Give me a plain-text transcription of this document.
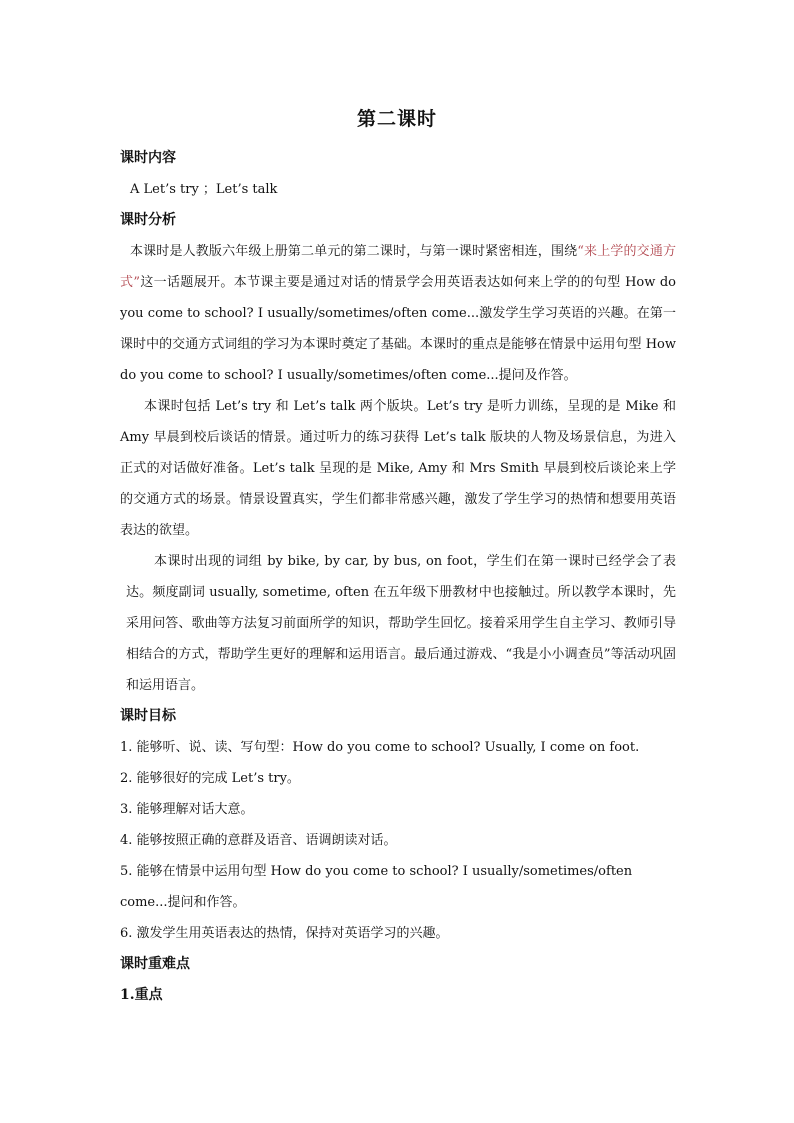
第二课时

课时内容

A Let’s try ；Let’s talk

课时分析

本课时是人教版六年级上册第二单元的第二课时，与第一课时紧密相连，围绕“来上学的交通方式”这一话题展开。本节课主要是通过对话的情景学会用英语表达如何来上学的的句型 How do you come to school? I usually/sometimes/often come...激发学生学习英语的兴趣。在第一课时中的交通方式词组的学习为本课时奠定了基础。本课时的重点是能够在情景中运用句型 How do you come to school? I usually/sometimes/often come...提问及作答。

本课时包括 Let’s try 和 Let’s talk 两个版块。Let’s try 是听力训练，呈现的是 Mike 和 Amy 早晨到校后谈话的情景。通过听力的练习获得 Let’s talk 版块的人物及场景信息，为进入正式的对话做好准备。Let’s talk 呈现的是 Mike, Amy 和 Mrs Smith 早晨到校后谈论来上学的交通方式的场景。情景设置真实，学生们都非常感兴趣，激发了学生学习的热情和想要用英语表达的欲望。

本课时出现的词组 by bike, by car, by bus, on foot，学生们在第一课时已经学会了表达。频度副词 usually, sometime, often 在五年级下册教材中也接触过。所以教学本课时，先采用问答、歌曲等方法复习前面所学的知识，帮助学生回忆。接着采用学生自主学习、教师引导相结合的方式，帮助学生更好的理解和运用语言。最后通过游戏、“我是小小调查员”等活动巩固和运用语言。

课时目标

1. 能够听、说、读、写句型：How do you come to school? Usually, I come on foot.
2. 能够很好的完成 Let’s try。
3. 能够理解对话大意。
4. 能够按照正确的意群及语音、语调朗读对话。
5. 能够在情景中运用句型 How do you come to school? I usually/sometimes/often come...提问和作答。
6. 激发学生用英语表达的热情，保持对英语学习的兴趣。

课时重难点

1.重点
